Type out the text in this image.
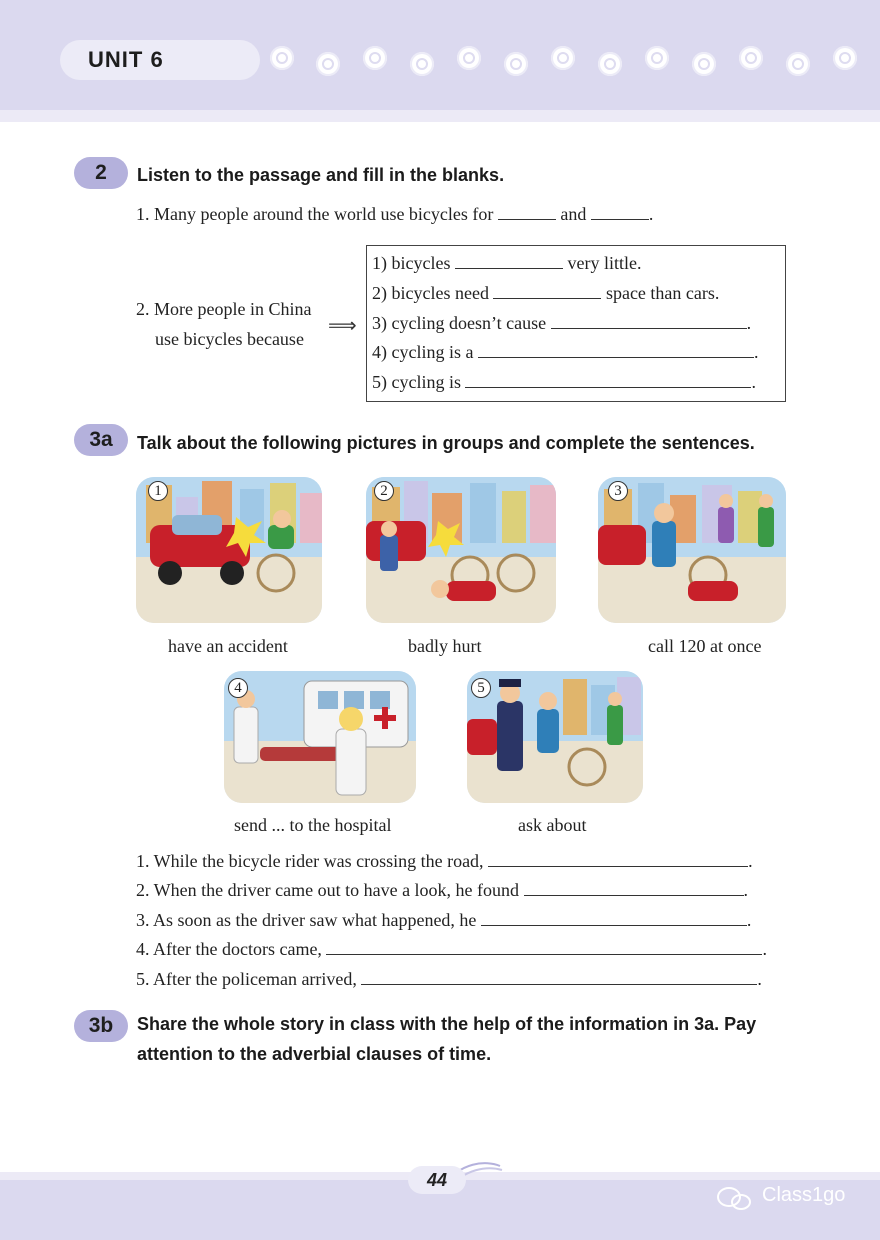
UNIT 6
2	Listen to the passage and fill in the blanks.
1. Many people around the world use bicycles for	and	.
2. More people in China
use bicycles because
⟹
1) bicycles	very little.
2) bicycles need	space than cars.
3) cycling doesn’t cause	.
4) cycling is a	.
5) cycling is	.
3a	Talk about the following pictures in groups and complete the sentences.
1
have an accident
2
badly hurt
3
call 120 at once
4
send ... to the hospital
5
ask about
1. While the bicycle rider was crossing the road,	.
2. When the driver came out to have a look, he found	.
3. As soon as the driver saw what happened, he	.
4. After the doctors came,	.
5. After the policeman arrived,	.
3b	Share the whole story in class with the help of the information in 3a. Pay
attention to the adverbial clauses of time.
44
Class1go
